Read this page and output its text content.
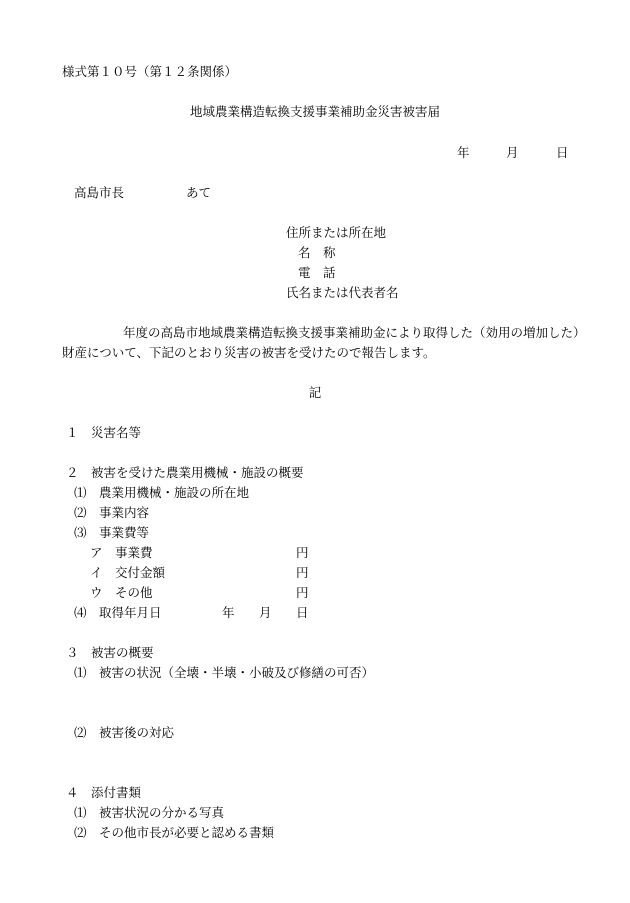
様式第１０号（第１２条関係）
地域農業構造転換支援事業補助金災害被害届
年	月	日
高島市長	あて
住所または所在地
名　称
電　話
氏名または代表者名
年度の高島市地域農業構造転換支援事業補助金により取得した（効用の増加した）
財産について、下記のとおり災害の被害を受けたので報告します。
記
１　災害名等
２　被害を受けた農業用機械・施設の概要
⑴　農業用機械・施設の所在地
⑵　事業内容
⑶　事業費等
ア　事業費	円
イ　交付金額	円
ウ　その他	円
⑷　取得年月日	年 月 日
３　被害の概要
⑴　被害の状況（全壊・半壊・小破及び修繕の可否）
⑵　被害後の対応
４　添付書類
⑴　被害状況の分かる写真
⑵　その他市長が必要と認める書類
